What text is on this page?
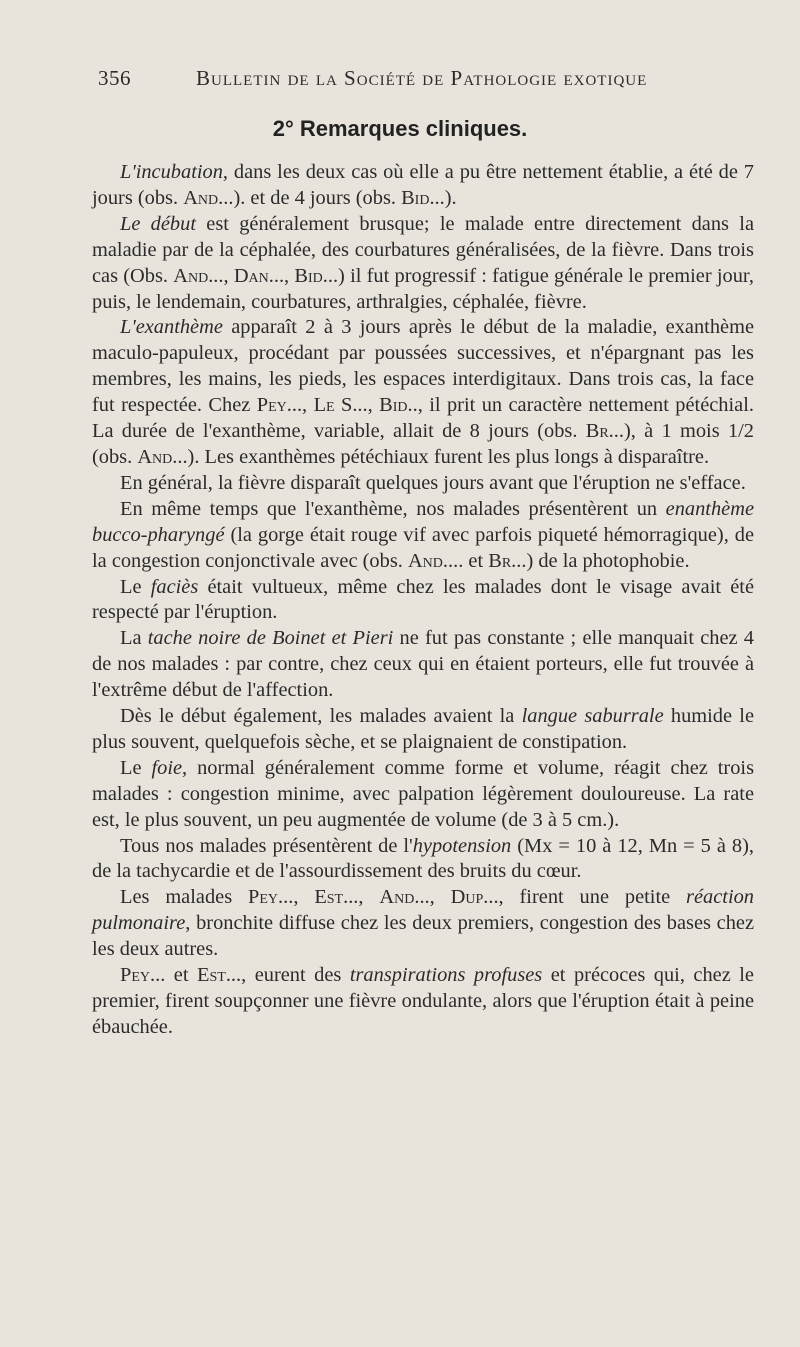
356	Bulletin de la Société de Pathologie exotique
2° Remarques cliniques.

L'incubation, dans les deux cas où elle a pu être nettement établie, a été de 7 jours (obs. And...). et de 4 jours (obs. Bid...).

Le début est généralement brusque; le malade entre directement dans la maladie par de la céphalée, des courbatures généralisées, de la fièvre. Dans trois cas (Obs. And..., Dan..., Bid...) il fut progressif : fatigue générale le premier jour, puis, le lendemain, courbatures, arthralgies, céphalée, fièvre.

L'exanthème apparaît 2 à 3 jours après le début de la maladie, exanthème maculo-papuleux, procédant par poussées successives, et n'épargnant pas les membres, les mains, les pieds, les espaces interdigitaux. Dans trois cas, la face fut respectée. Chez Pey..., Le S..., Bid.., il prit un caractère nettement pétéchial. La durée de l'exanthème, variable, allait de 8 jours (obs. Br...), à 1 mois 1/2 (obs. And...). Les exanthèmes pétéchiaux furent les plus longs à disparaître.

En général, la fièvre disparaît quelques jours avant que l'éruption ne s'efface.

En même temps que l'exanthème, nos malades présentèrent un enanthème bucco-pharyngé (la gorge était rouge vif avec parfois piqueté hémorragique), de la congestion conjonctivale avec (obs. And.... et Br...) de la photophobie.

Le faciès était vultueux, même chez les malades dont le visage avait été respecté par l'éruption.

La tache noire de Boinet et Pieri ne fut pas constante ; elle manquait chez 4 de nos malades : par contre, chez ceux qui en étaient porteurs, elle fut trouvée à l'extrême début de l'affection.

Dès le début également, les malades avaient la langue saburrale humide le plus souvent, quelquefois sèche, et se plaignaient de constipation.

Le foie, normal généralement comme forme et volume, réagit chez trois malades : congestion minime, avec palpation légèrement douloureuse. La rate est, le plus souvent, un peu augmentée de volume (de 3 à 5 cm.).

Tous nos malades présentèrent de l'hypotension (Mx = 10 à 12, Mn = 5 à 8), de la tachycardie et de l'assourdissement des bruits du cœur.

Les malades Pey..., Est..., And..., Dup..., firent une petite réaction pulmonaire, bronchite diffuse chez les deux premiers, congestion des bases chez les deux autres.

Pey... et Est..., eurent des transpirations profuses et précoces qui, chez le premier, firent soupçonner une fièvre ondulante, alors que l'éruption était à peine ébauchée.
